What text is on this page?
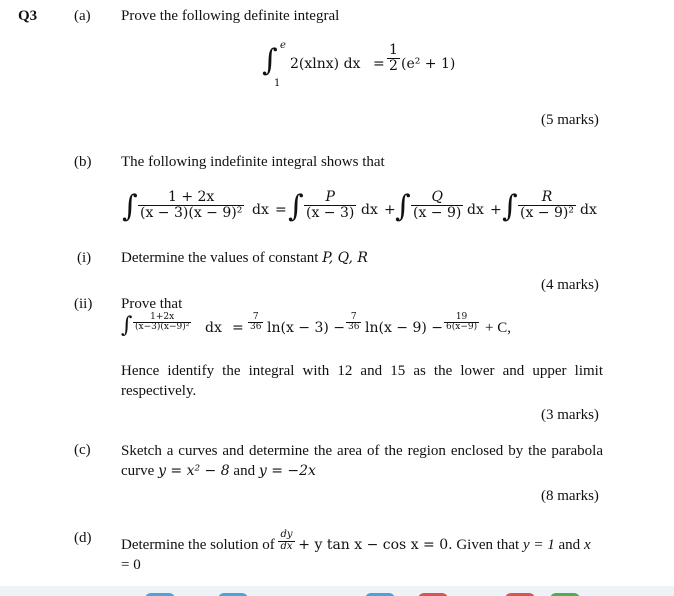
Q3 (a) Prove the following definite integral
e
1
∫ 2(xlnx) dx = $\frac{1}{2} (e^2 + 1)$
(5 marks)
(b) The following indefinite integral shows that
∫ $\frac{1 + 2x}{\text{(x − 3)(x − 9)²}}$ dx = ∫ $\frac{P}{(x - 3)}$ dx + ∫ $\frac{Q}{(x - 9)}$ dx + ∫ $\frac{R}{\text{(x − 9)²}}$ dx
(i) Determine the values of constant P, Q, R
(4 marks)
(ii) Prove that
∫ $\frac{1+2x}{\text{(x−3)(x−9)²}}$ dx = $\frac{7}{36} \ln(x - 3) - \frac{7}{36} \ln(x - 9) - \frac{19}{6(x-9)} + C$,
Hence identify the integral with 12 and 15 as the lower and upper limit respectively.
(3 marks)
(c) Sketch a curves and determine the area of the region enclosed by the parabola curve y = x² − 8 and y = −2x
(8 marks)
(d) Determine the solution of $\frac{dy}{dx} + y$ tan x − cos x = 0. Given that y = 1 and x
= 0
